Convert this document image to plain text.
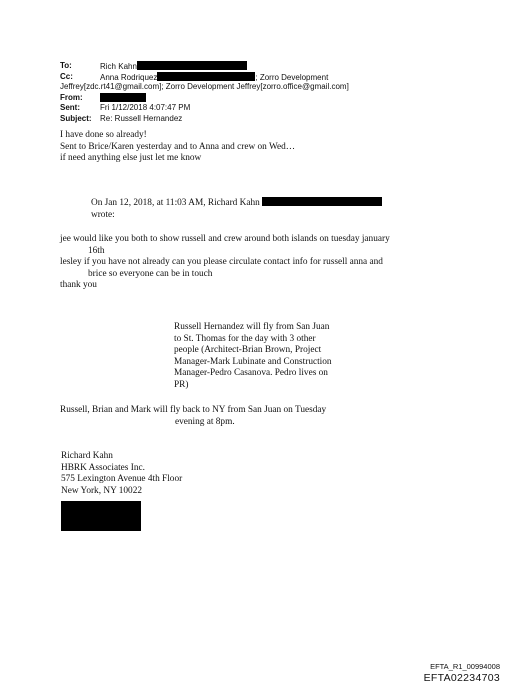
To:	Rich Kahn
Cc:	Anna Rodriquez	; Zorro Development
Jeffrey[zdc.rt41@gmail.com]; Zorro Development Jeffrey[zorro.office@gmail.com]
From:
Sent:	Fri 1/12/2018 4:07:47 PM
Subject: Re: Russell Hernandez
I have done so already!
Sent to Brice/Karen yesterday and to Anna and crew on Wed…
if need anything else just let me know
On Jan 12, 2018, at 11:03 AM, Richard Kahn
wrote:
jee would like you both to show russell and crew around both islands on tuesday january
16th
lesley if you have not already can you please circulate contact info for russell anna and
brice so everyone can be in touch
thank you
Russell Hernandez will fly from San Juan
to St. Thomas for the day with 3 other
people (Architect-Brian Brown, Project
Manager-Mark Lubinate and Construction
Manager-Pedro Casanova. Pedro lives on
PR)
Russell, Brian and Mark will fly back to NY from San Juan on Tuesday
evening at 8pm.
Richard Kahn
HBRK Associates Inc.
575 Lexington Avenue 4th Floor
New York, NY 10022
EFTA_R1_00994008
EFTA02234703
